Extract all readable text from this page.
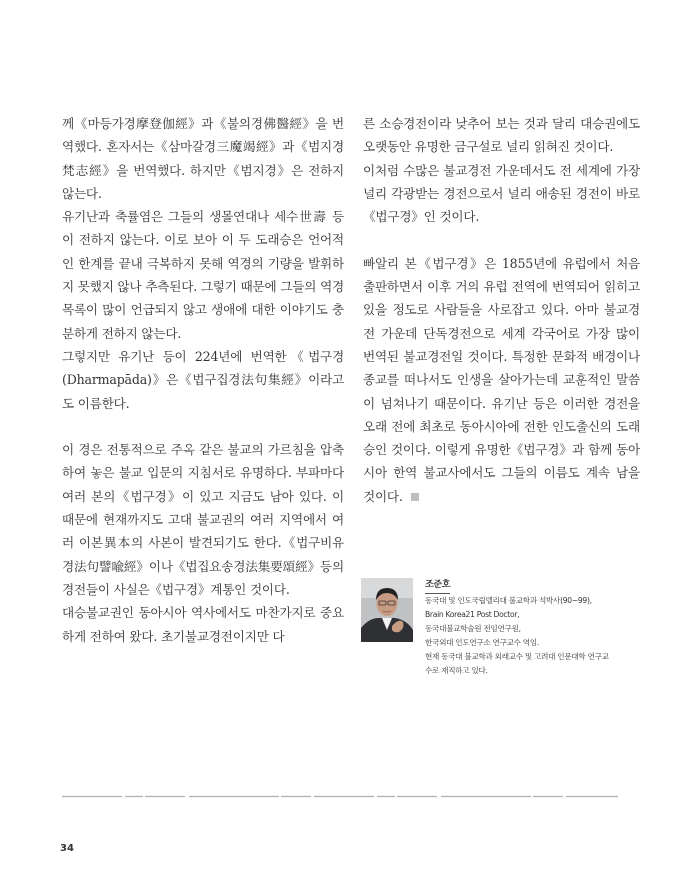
께《마등가경摩登伽經》과《불의경佛醫經》을 번역했다. 혼자서는《삼마갈경三魔竭經》과《범지경梵志經》을 번역했다. 하지만《범지경》은 전하지 않는다.

유기난과 축률염은 그들의 생몰연대나 세수世壽 등이 전하지 않는다. 이로 보아 이 두 도래승은 언어적인 한계를 끝내 극복하지 못해 역경의 기량을 발휘하지 못했지 않나 추측된다. 그렇기 때문에 그들의 역경 목록이 많이 언급되지 않고 생애에 대한 이야기도 충분하게 전하지 않는다.

그렇지만 유기난 등이 224년에 번역한《법구경(Dharmapāda)》은《법구집경法句集經》이라고도 이름한다.

이 경은 전통적으로 주옥 같은 불교의 가르침을 압축하여 놓은 불교 입문의 지침서로 유명하다. 부파마다 여러 본의《법구경》이 있고 지금도 남아 있다. 이 때문에 현재까지도 고대 불교권의 여러 지역에서 여러 이본異本의 사본이 발견되기도 한다.《법구비유경法句譬喩經》이나《법집요송경法集要頌經》등의 경전들이 사실은《법구경》계통인 것이다.

대승불교권인 동아시아 역사에서도 마찬가지로 중요하게 전하여 왔다. 초기불교경전이지만 다

른 소승경전이라 낮추어 보는 것과 달리 대승권에도 오랫동안 유명한 금구설로 널리 읽혀진 것이다.

이처럼 수많은 불교경전 가운데서도 전 세계에 가장 널리 각광받는 경전으로서 널리 애송된 경전이 바로《법구경》인 것이다.

빠알리 본《법구경》은 1855년에 유럽에서 처음 출판하면서 이후 거의 유럽 전역에 번역되어 읽히고 있을 정도로 사람들을 사로잡고 있다. 아마 불교경전 가운데 단독경전으로 세계 각국어로 가장 많이 번역된 불교경전일 것이다. 특정한 문화적 배경이나 종교를 떠나서도 인생을 살아가는데 교훈적인 말씀이 넘쳐나기 때문이다. 유기난 등은 이러한 경전을 오래 전에 최초로 동아시아에 전한 인도출신의 도래승인 것이다. 이렇게 유명한《법구경》과 함께 동아시아 한역 불교사에서도 그들의 이름도 계속 남을 것이다.

조준호

동국대 및 인도국립델리대 불교학과 석박사(90~99),

Brain Korea21 Post Doctor,

동국대불교학술원 전임연구원,

한국외대 인도연구소 연구교수 역임.

현재 동국대 불교학과 외래교수 및 고려대 인문대학 연구교

수로 재직하고 있다.

34
